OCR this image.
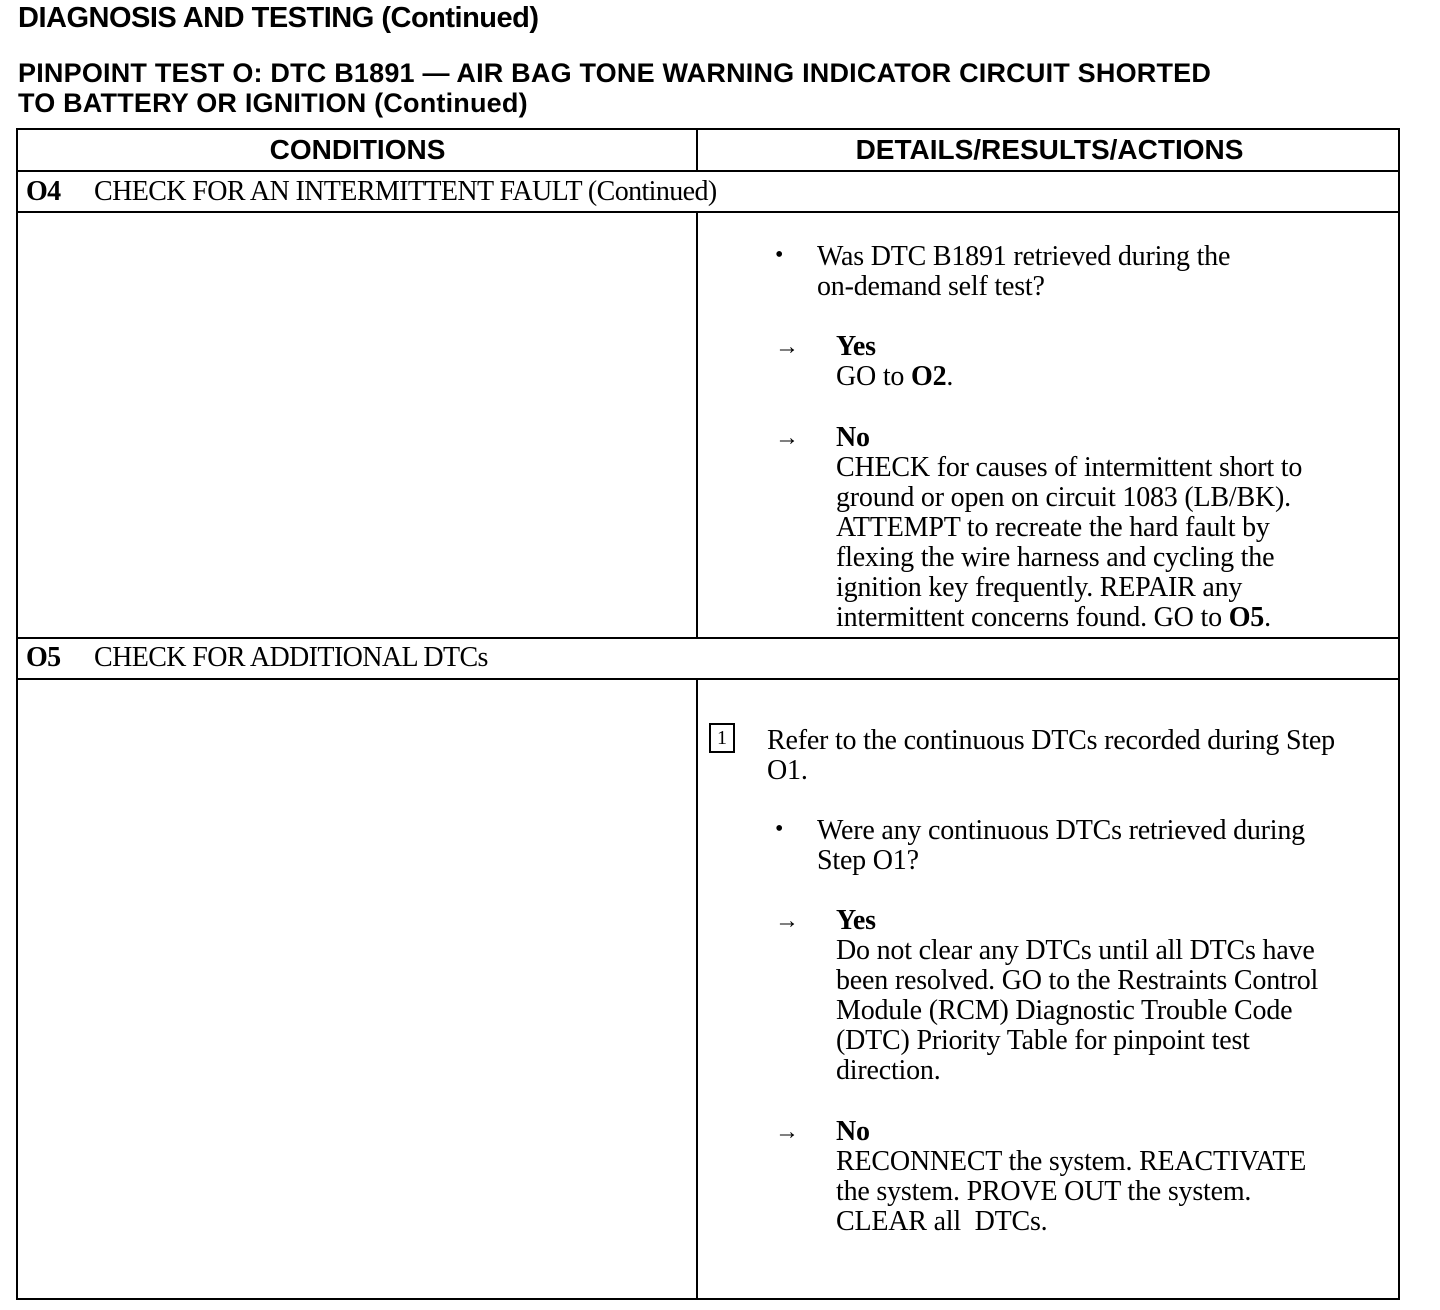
DIAGNOSIS AND TESTING (Continued)
PINPOINT TEST O: DTC B1891 — AIR BAG TONE WARNING INDICATOR CIRCUIT SHORTED
TO BATTERY OR IGNITION (Continued)
CONDITIONS	DETAILS/RESULTS/ACTIONS
O4 CHECK FOR AN INTERMITTENT FAULT (Continued)
• Was DTC B1891 retrieved during the
on-demand self test?
→ Yes
GO to O2.
→ No
CHECK for causes of intermittent short to
ground or open on circuit 1083 (LB/BK).
ATTEMPT to recreate the hard fault by
flexing the wire harness and cycling the
ignition key frequently. REPAIR any
intermittent concerns found. GO to O5.
O5 CHECK FOR ADDITIONAL DTCs
1 Refer to the continuous DTCs recorded during Step
O1.
• Were any continuous DTCs retrieved during
Step O1?
→ Yes
Do not clear any DTCs until all DTCs have
been resolved. GO to the Restraints Control
Module (RCM) Diagnostic Trouble Code
(DTC) Priority Table for pinpoint test
direction.
→ No
RECONNECT the system. REACTIVATE
the system. PROVE OUT the system.
CLEAR all  DTCs.
